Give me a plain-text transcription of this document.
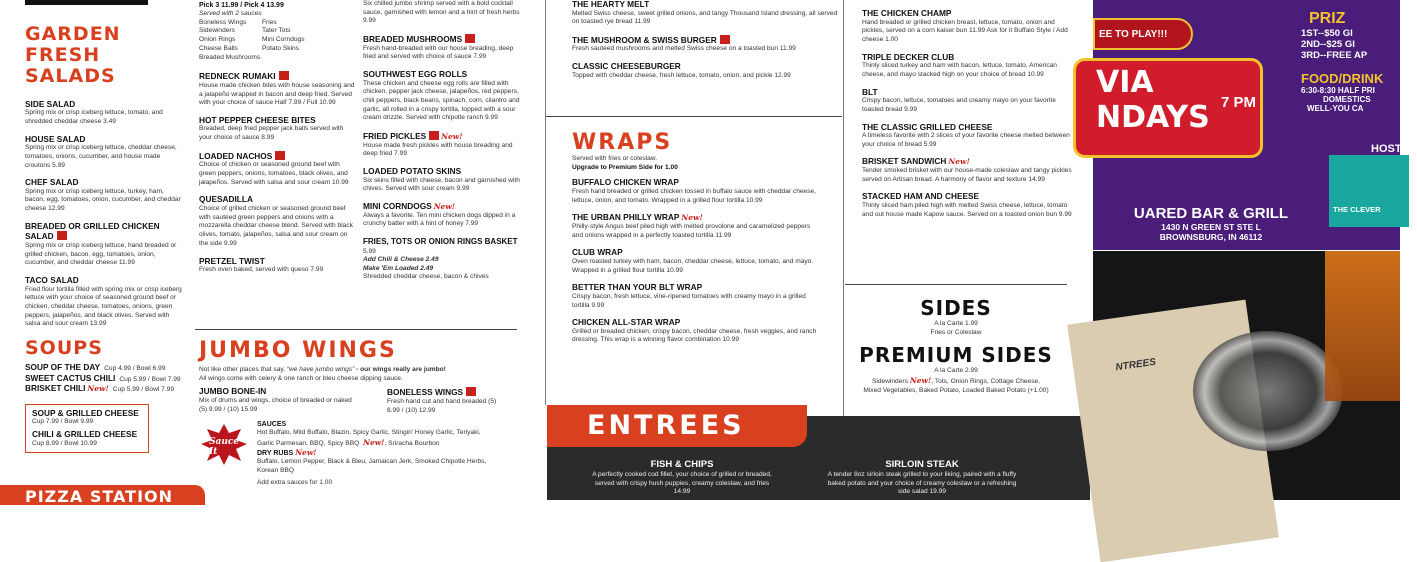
GARDEN FRESH
SALADS
SIDE SALAD
Spring mix or crisp iceberg lettuce, tomato, and shredded cheddar cheese 3.49
HOUSE SALAD
Spring mix or crisp iceberg lettuce, cheddar cheese, tomatoes, onions, cucumber, and house made croutons 5.99
CHEF SALAD
Spring mix or crisp iceberg lettuce, turkey, ham, bacon, egg, tomatoes, onion, cucumber, and cheddar cheese 12.99
BREADED OR GRILLED CHICKEN SALAD
Spring mix or crisp iceberg lettuce, hand breaded or grilled chicken, bacon, egg, tomatoes, onion, cucumber, and cheddar cheese 11.99
TACO SALAD
Fried flour tortilla filled with spring mix or crisp iceberg lettuce with your choice of seasoned ground beef or chicken, cheddar cheese, tomatoes, onions, green peppers, jalapeños, and black olives. Served with salsa and sour cream 13.99
SOUPS
SOUP OF THE DAY Cup 4.99 / Bowl 6.99
SWEET CACTUS CHILI Cup 5.99 / Bowl 7.99
BRISKET CHILI New! Cup 5.99 / Bowl 7.99
SOUP & GRILLED CHEESE
Cup 7.99 / Bowl 9.99
CHILI & GRILLED CHEESE
Cup 8.99 / Bowl 10.99
PIZZA STATION
Pick 3 11.99 / Pick 4 13.99
Served with 2 sauces
Boneless Wings	Fries
Sidewinders	Tater Tots
Onion Rings	Mini Corndogs
Cheese Balls	Potato Skins
Breaded Mushrooms
REDNECK RUMAKI
House made chicken bites with house seasoning and a jalapeño wrapped in bacon and deep fried. Served with your choice of sauce Half 7.99 / Full 10.99
HOT PEPPER CHEESE BITES
Breaded, deep fried pepper jack balls served with your choice of sauce 8.99
LOADED NACHOS
Choice of chicken or seasoned ground beef with green peppers, onions, tomatoes, black olives, and jalapeños. Served with salsa and sour cream 10.99
QUESADILLA
Choice of grilled chicken or seasoned ground beef with sautéed green peppers and onions with a mozzarella cheddar cheese blend. Served with black olives, tomato, jalapeños, salsa and sour cream on the side 9.99
PRETZEL TWIST
Fresh oven baked, served with queso 7.99
JUMBO WINGS
Not like other places that say, “we have jumbo wings” - our wings really are jumbo!
All wings come with celery & one ranch or bleu cheese dipping sauce.
JUMBO BONE-IN
Mix of drums and wings, choice of breaded or naked (5) 9.99 / (10) 15.99
BONELESS WINGS
Fresh hand cut and hand breaded (5) 8.99 / (10) 12.99
Sauce It
SAUCES
Hot Buffalo, Mild Buffalo, Blazin, Spicy Garlic, Stingin' Honey Garlic, Teriyaki, Garlic Parmesan, BBQ, Spicy BBQ New!, Sriracha Bourbon
DRY RUBS New!
Buffalo, Lemon Pepper, Black & Bleu, Jamaican Jerk, Smoked Chipotle Herbs, Korean BBQ
Add extra sauces for 1.00
Six chilled jumbo shrimp served with a bold cocktail sauce, garnished with lemon and a hint of fresh herbs 9.99
BREADED MUSHROOMS
Fresh hand-breaded with our house breading, deep fried and served with choice of sauce 7.99
SOUTHWEST EGG ROLLS
These chicken and cheese egg rolls are filled with chicken, pepper jack cheese, jalapeños, red peppers, chili peppers, black beans, spinach, corn, cilantro and garlic, all rolled in a crispy tortilla, topped with a sour cream drizzle. Served with chipotle ranch 9.99
FRIED PICKLES New!
House made fresh pickles with house breading and deep fried 7.99
LOADED POTATO SKINS
Six skins filled with cheese, bacon and garnished with chives. Served with sour cream 9.99
MINI CORNDOGS New!
Always a favorite. Ten mini chicken dogs dipped in a crunchy batter with a hint of honey 7.99
FRIES, TOTS OR ONION RINGS BASKET 5.99
Add Chili & Cheese 2.49
Make 'Em Loaded 2.49
Shredded cheddar cheese, bacon & chives
THE HEARTY MELT
Melted Swiss cheese, sweet grilled onions, and tangy Thousand Island dressing, all served on toasted rye bread 11.99
THE MUSHROOM & SWISS BURGER
Fresh sautéed mushrooms and melted Swiss cheese on a toasted bun 11.99
CLASSIC CHEESEBURGER
Topped with cheddar cheese, fresh lettuce, tomato, onion, and pickle 12.99
WRAPS
Served with fries or coleslaw.
Upgrade to Premium Side for 1.00
BUFFALO CHICKEN WRAP
Fresh hand breaded or grilled chicken tossed in buffalo sauce with cheddar cheese, lettuce, onion, and tomato. Wrapped in a grilled flour tortilla 10.99
THE URBAN PHILLY WRAP New!
Philly-style Angus beef piled high with melted provolone and caramelized peppers and onions wrapped in a perfectly toasted tortilla 11.99
CLUB WRAP
Oven roasted turkey with ham, bacon, cheddar cheese, lettuce, tomato, and mayo. Wrapped in a grilled flour tortilla 10.99
BETTER THAN YOUR BLT WRAP
Crispy bacon, fresh lettuce, vine-ripened tomatoes with creamy mayo in a grilled tortilla 9.99
CHICKEN ALL-STAR WRAP
Grilled or breaded chicken, crispy bacon, cheddar cheese, fresh veggies, and ranch dressing. This wrap is a winning flavor combination 10.99
THE CHICKEN CHAMP
Hand breaded or grilled chicken breast, lettuce, tomato, onion and pickles, served on a corn kaiser bun 11.99 Ask for it Buffalo Style / Add cheese 1.00
TRIPLE DECKER CLUB
Thinly sliced turkey and ham with bacon, lettuce, tomato, American cheese, and mayo stacked high on your choice of bread 10.99
BLT
Crispy bacon, lettuce, tomatoes and creamy mayo on your favorite toasted bread 9.99
THE CLASSIC GRILLED CHEESE
A timeless favorite with 2 slices of your favorite cheese melted between your choice of bread 5.99
BRISKET SANDWICH New!
Tender smoked brisket with our house-made coleslaw and tangy pickles served on Artisan bread. A harmony of flavor and texture 14.99
STACKED HAM AND CHEESE
Thinly sliced ham piled high with melted Swiss cheese, lettuce, tomato and out house made Kapow sauce. Served on a toasted onion bun 9.99
SIDES
A la Carte 1.99
Fries or Coleslaw
PREMIUM SIDES
A la Carte 2.99
Sidewinders New!, Tots, Onion Rings, Cottage Cheese,
Mixed Vegetables, Baked Potato, Loaded Baked Potato (+1.00)
ENTREES
FISH & CHIPS
A perfectly cooked cod fillet, your choice of grilled or breaded, served with crispy hush puppies, creamy coleslaw, and fries 14.99
SIRLOIN STEAK
A tender 8oz sirloin steak grilled to your liking, paired with a fluffy baked potato and your choice of creamy coleslaw or a refreshing side salad 19.99
EE TO PLAY!!!
VIA
NDAYS 7 PM
PRIZ
1ST--$50 GI
2ND--$25 GI
3RD--FREE AP
FOOD/DRINK
6:30-8:30 HALF PRI
DOMESTICS
WELL-YOU CA
HOSTED
THE CLEVER
UARED BAR & GRILL
1430 N GREEN ST STE L
BROWNSBURG, IN 46112
NTREES
